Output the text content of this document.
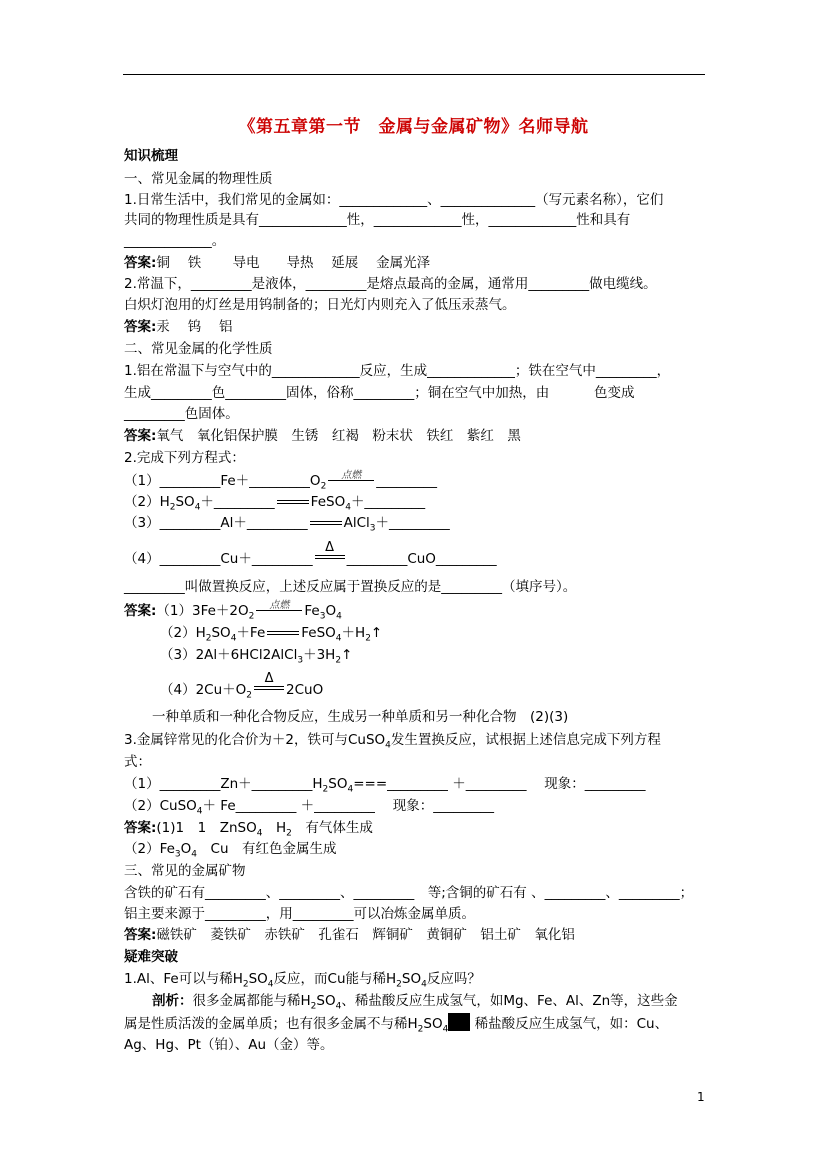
《第五章第一节　金属与金属矿物》名师导航
知识梳理
一、常见金属的物理性质
1.日常生活中，我们常见的金属如：_____________、______________（写元素名称），它们
共同的物理性质是具有_____________性，_____________性，_____________性和具有
_____________。
答案:铜　 铁　　 导电　　导热　 延展　 金属光泽
2.常温下，_________是液体，_________是熔点最高的金属，通常用_________做电缆线。
白炽灯泡用的灯丝是用钨制备的；日光灯内则充入了低压汞蒸气。
答案:汞　 钨　 铝
二、常见金属的化学性质
1.铝在常温下与空气中的_____________反应，生成_____________；铁在空气中_________，
生成_________色_________固体，俗称_________；铜在空气中加热，由　　　 色变成
_________色固体。
答案:氧气　氧化铝保护膜　生锈　红褐　粉末状　铁红　紫红　黑
2.完成下列方程式：
$(1)\_\_\_\_\_\_\_\_\_Fe+\_\_\_\_\_\_\_\_\_O_2$
点燃	_________
$(2)H_2SO_4+\_\_\_\_\_\_\_\_\_$	FeSO$_4$＋_________
（3）_________Al＋_________	AlCl$_3$＋_________
（4）_________Cu＋_________
Δ
_________CuO_________
_________叫做置换反应，上述反应属于置换反应的是_________（填序号）。
答案$:(1)3Fe+2O_2$
点燃	$Fe_3O_4$
$(2)H_2SO_4+Fe$	$FeSO_4+H_2↑$
$(3)2Al+6HCl2AlCl_3+3H_2↑$
$(4)2Cu+O_2$
Δ
2CuO
一种单质和一种化合物反应，生成另一种单质和另一种化合物　(2)(3)
3.金属锌常见的化合价为＋2，铁可与CuSO$_4$发生置换反应，试根据上述信息完成下列方程
式：
$(1)\_\_\_\_\_\_\_\_\_Zn+\_\_\_\_\_\_\_\_\_H_2SO_4===\_\_\_\_\_\_\_\_\_$ ＋_________　 现象：_________
（2）CuSO$_4$＋ Fe_________ ＋_________　 现象：_________
答案:(1)1　1　ZnSO$_4$　$H_2$　有气体生成
$(2)Fe_3O_4$　Cu　有红色金属生成
三、常见的金属矿物
含铁的矿石有_________、_________、_________　等;含铜的矿石有 、_________、_________；
铝主要来源于_________，用_________可以冶炼金属单质。
答案:磁铁矿　菱铁矿　赤铁矿　孔雀石　辉铜矿　黄铜矿　铝土矿　氧化铝
疑难突破
1.Al、Fe可以与稀$H_2SO_4$反应，而Cu能与稀$H_2SO_4$反应吗？
剖析：很多金属都能与稀$H_2SO_4$、稀盐酸反应生成氢气，如Mg、Fe、Al、Zn等，这些金
属是性质活泼的金属单质；也有很多金属不与稀$H_2SO_4$ 稀盐酸反应生成氢气，如：Cu、
Ag、Hg、Pt（铂）、Au（金）等。
1
